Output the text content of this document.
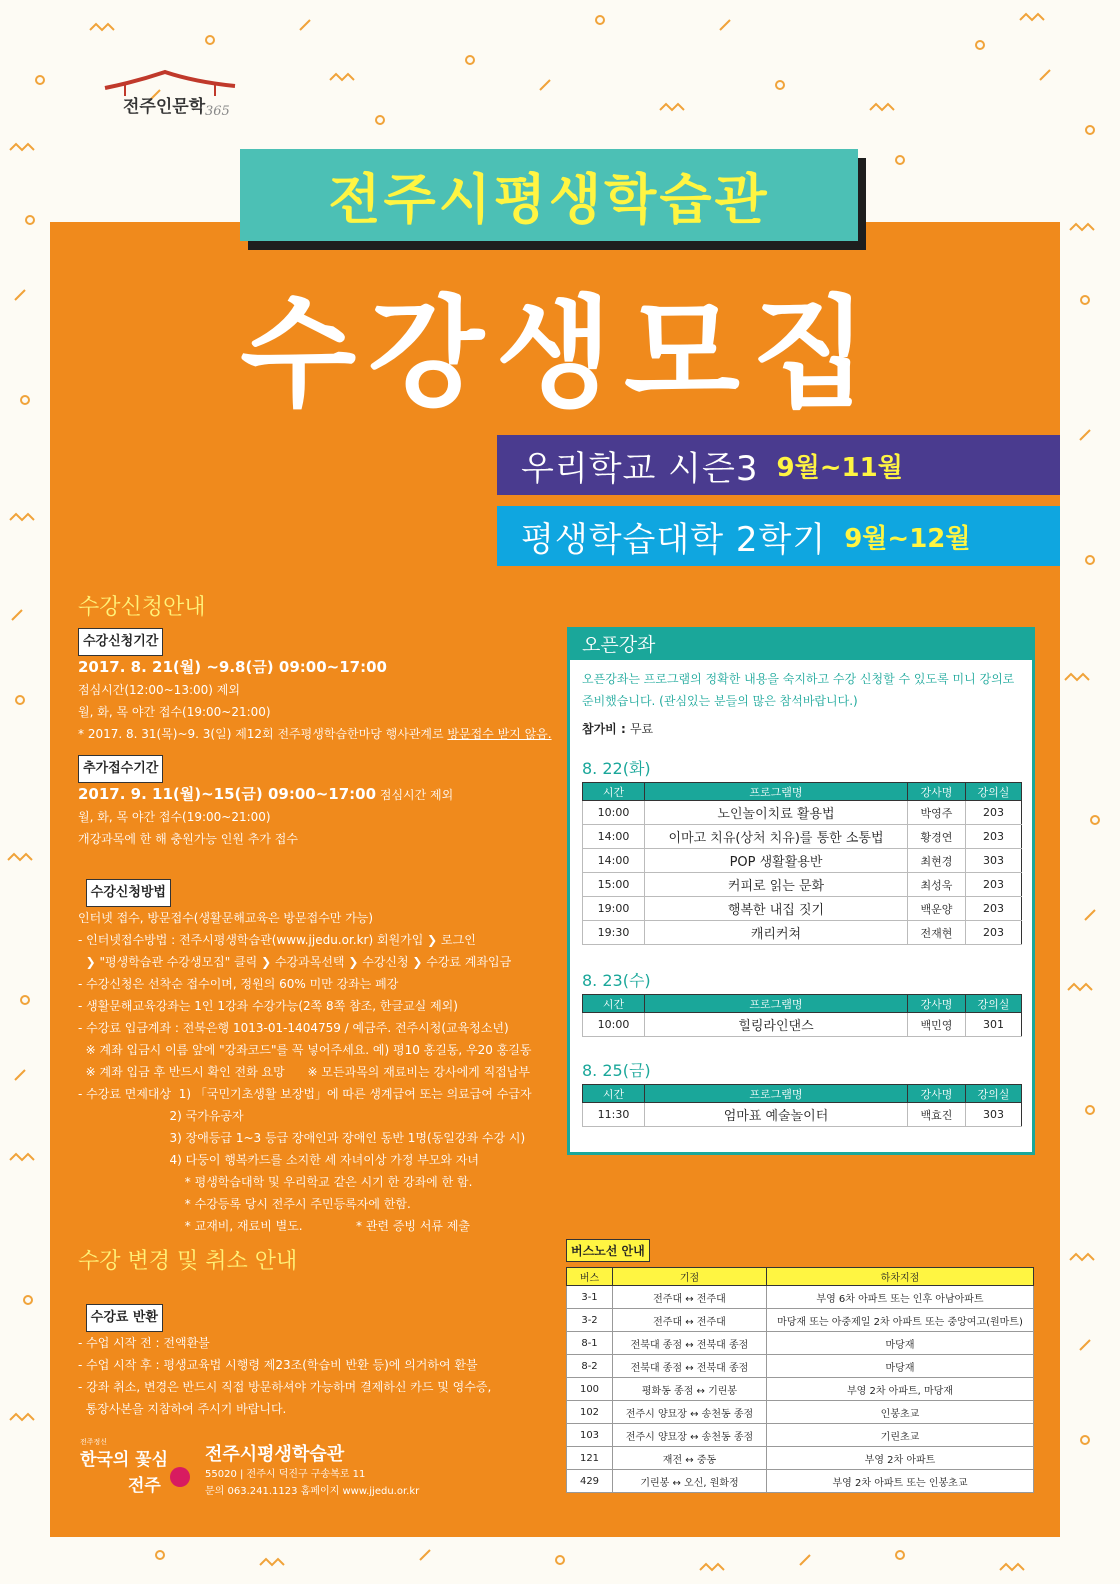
전주인문학 365
전주시평생학습관
수강생모집
우리학교 시즌3 9월~11월
평생학습대학 2학기 9월~12월
수강신청안내
수강신청기간
2017. 8. 21(월) ~9.8(금) 09:00~17:00
점심시간(12:00~13:00) 제외
월, 화, 목 야간 접수(19:00~21:00)
* 2017. 8. 31(목)~9. 3(일) 제12회 전주평생학습한마당 행사관계로 방문접수 받지 않음.
추가접수기간
2017. 9. 11(월)~15(금) 09:00~17:00 점심시간 제외
월, 화, 목 야간 접수(19:00~21:00)
개강과목에 한 해 충원가능 인원 추가 접수

수강신청방법
인터넷 접수, 방문접수(생활문해교육은 방문접수만 가능)
- 인터넷접수방법 : 전주시평생학습관(www.jjedu.or.kr) 회원가입 ❯ 로그인
❯ "평생학습관 수강생모집" 클릭 ❯ 수강과목선택 ❯ 수강신청 ❯ 수강료 계좌입금
- 수강신청은 선착순 접수이며, 정원의 60% 미만 강좌는 폐강
- 생활문해교육강좌는 1인 1강좌 수강가능(2쪽 8쪽 참조, 한글교실 제외)
- 수강료 입금계좌 : 전북은행 1013-01-1404759 / 예금주. 전주시청(교육청소년)
※ 계좌 입금시 이름 앞에 "강좌코드"를 꼭 넣어주세요. 예) 평10 홍길동, 우20 홍길동
※ 계좌 입금 후 반드시 확인 전화 요망      ※ 모든과목의 재료비는 강사에게 직접납부
- 수강료 면제대상  1) 「국민기초생활 보장법」에 따른 생계급여 또는 의료급여 수급자
2) 국가유공자
3) 장애등급 1~3 등급 장애인과 장애인 동반 1명(동일강좌 수강 시)
4) 다둥이 행복카드를 소지한 세 자녀이상 가정 부모와 자녀
* 평생학습대학 및 우리학교 같은 시기 한 강좌에 한 함.
* 수강등록 당시 전주시 주민등록자에 한함.
* 교재비, 재료비 별도.              * 관련 증빙 서류 제출

수강 변경 및 취소 안내

수강료 반환
- 수업 시작 전 : 전액환불
- 수업 시작 후 : 평생교육법 시행령 제23조(학습비 반환 등)에 의거하여 환불
- 강좌 취소, 변경은 반드시 직접 방문하셔야 가능하며 결제하신 카드 및 영수증,
통장사본을 지참하여 주시기 바랍니다.

오픈강좌
오픈강좌는 프로그램의 정확한 내용을 숙지하고 수강 신청할 수 있도록 미니 강의로 준비했습니다. (관심있는 분들의 많은 참석바랍니다.)
참가비 : 무료
8. 22(화)
시간	프로그램명	강사명	강의실
10:00	노인놀이치료 활용법	박영주	203
14:00	이마고 치유(상처 치유)를 통한 소통법	황경연	203
14:00	POP 생활활용반	최현경	303
15:00	커피로 읽는 문화	최성욱	203
19:00	행복한 내집 짓기	백운양	203
19:30	캐리커쳐	전재현	203
8. 23(수)
시간	프로그램명	강사명	강의실
10:00	힐링라인댄스	백민영	301
8. 25(금)
시간	프로그램명	강사명	강의실
11:30	엄마표 예술놀이터	백효진	303
버스노선 안내
버스	기점	하차지점
3-1	전주대 ↔ 전주대	부영 6차 아파트 또는 인후 아남아파트
3-2	전주대 ↔ 전주대	마당재 또는 아중제일 2차 아파트 또는 중앙여고(원마트)
8-1	전북대 종점 ↔ 전북대 종점	마당재
8-2	전북대 종점 ↔ 전북대 종점	마당재
100	평화동 종점 ↔ 기린봉	부영 2차 아파트, 마당재
102	전주시 양묘장 ↔ 송천동 종점	인봉초교
103	전주시 양묘장 ↔ 송천동 종점	기린초교
121	재전 ↔ 중동	부영 2차 아파트
429	기린봉 ↔ 오신, 원화정	부영 2차 아파트 또는 인봉초교
전주정신
한국의 꽃심
전주
전주시평생학습관
55020 | 전주시 덕진구 구송복로 11
문의 063.241.1123 홈페이지 www.jjedu.or.kr
